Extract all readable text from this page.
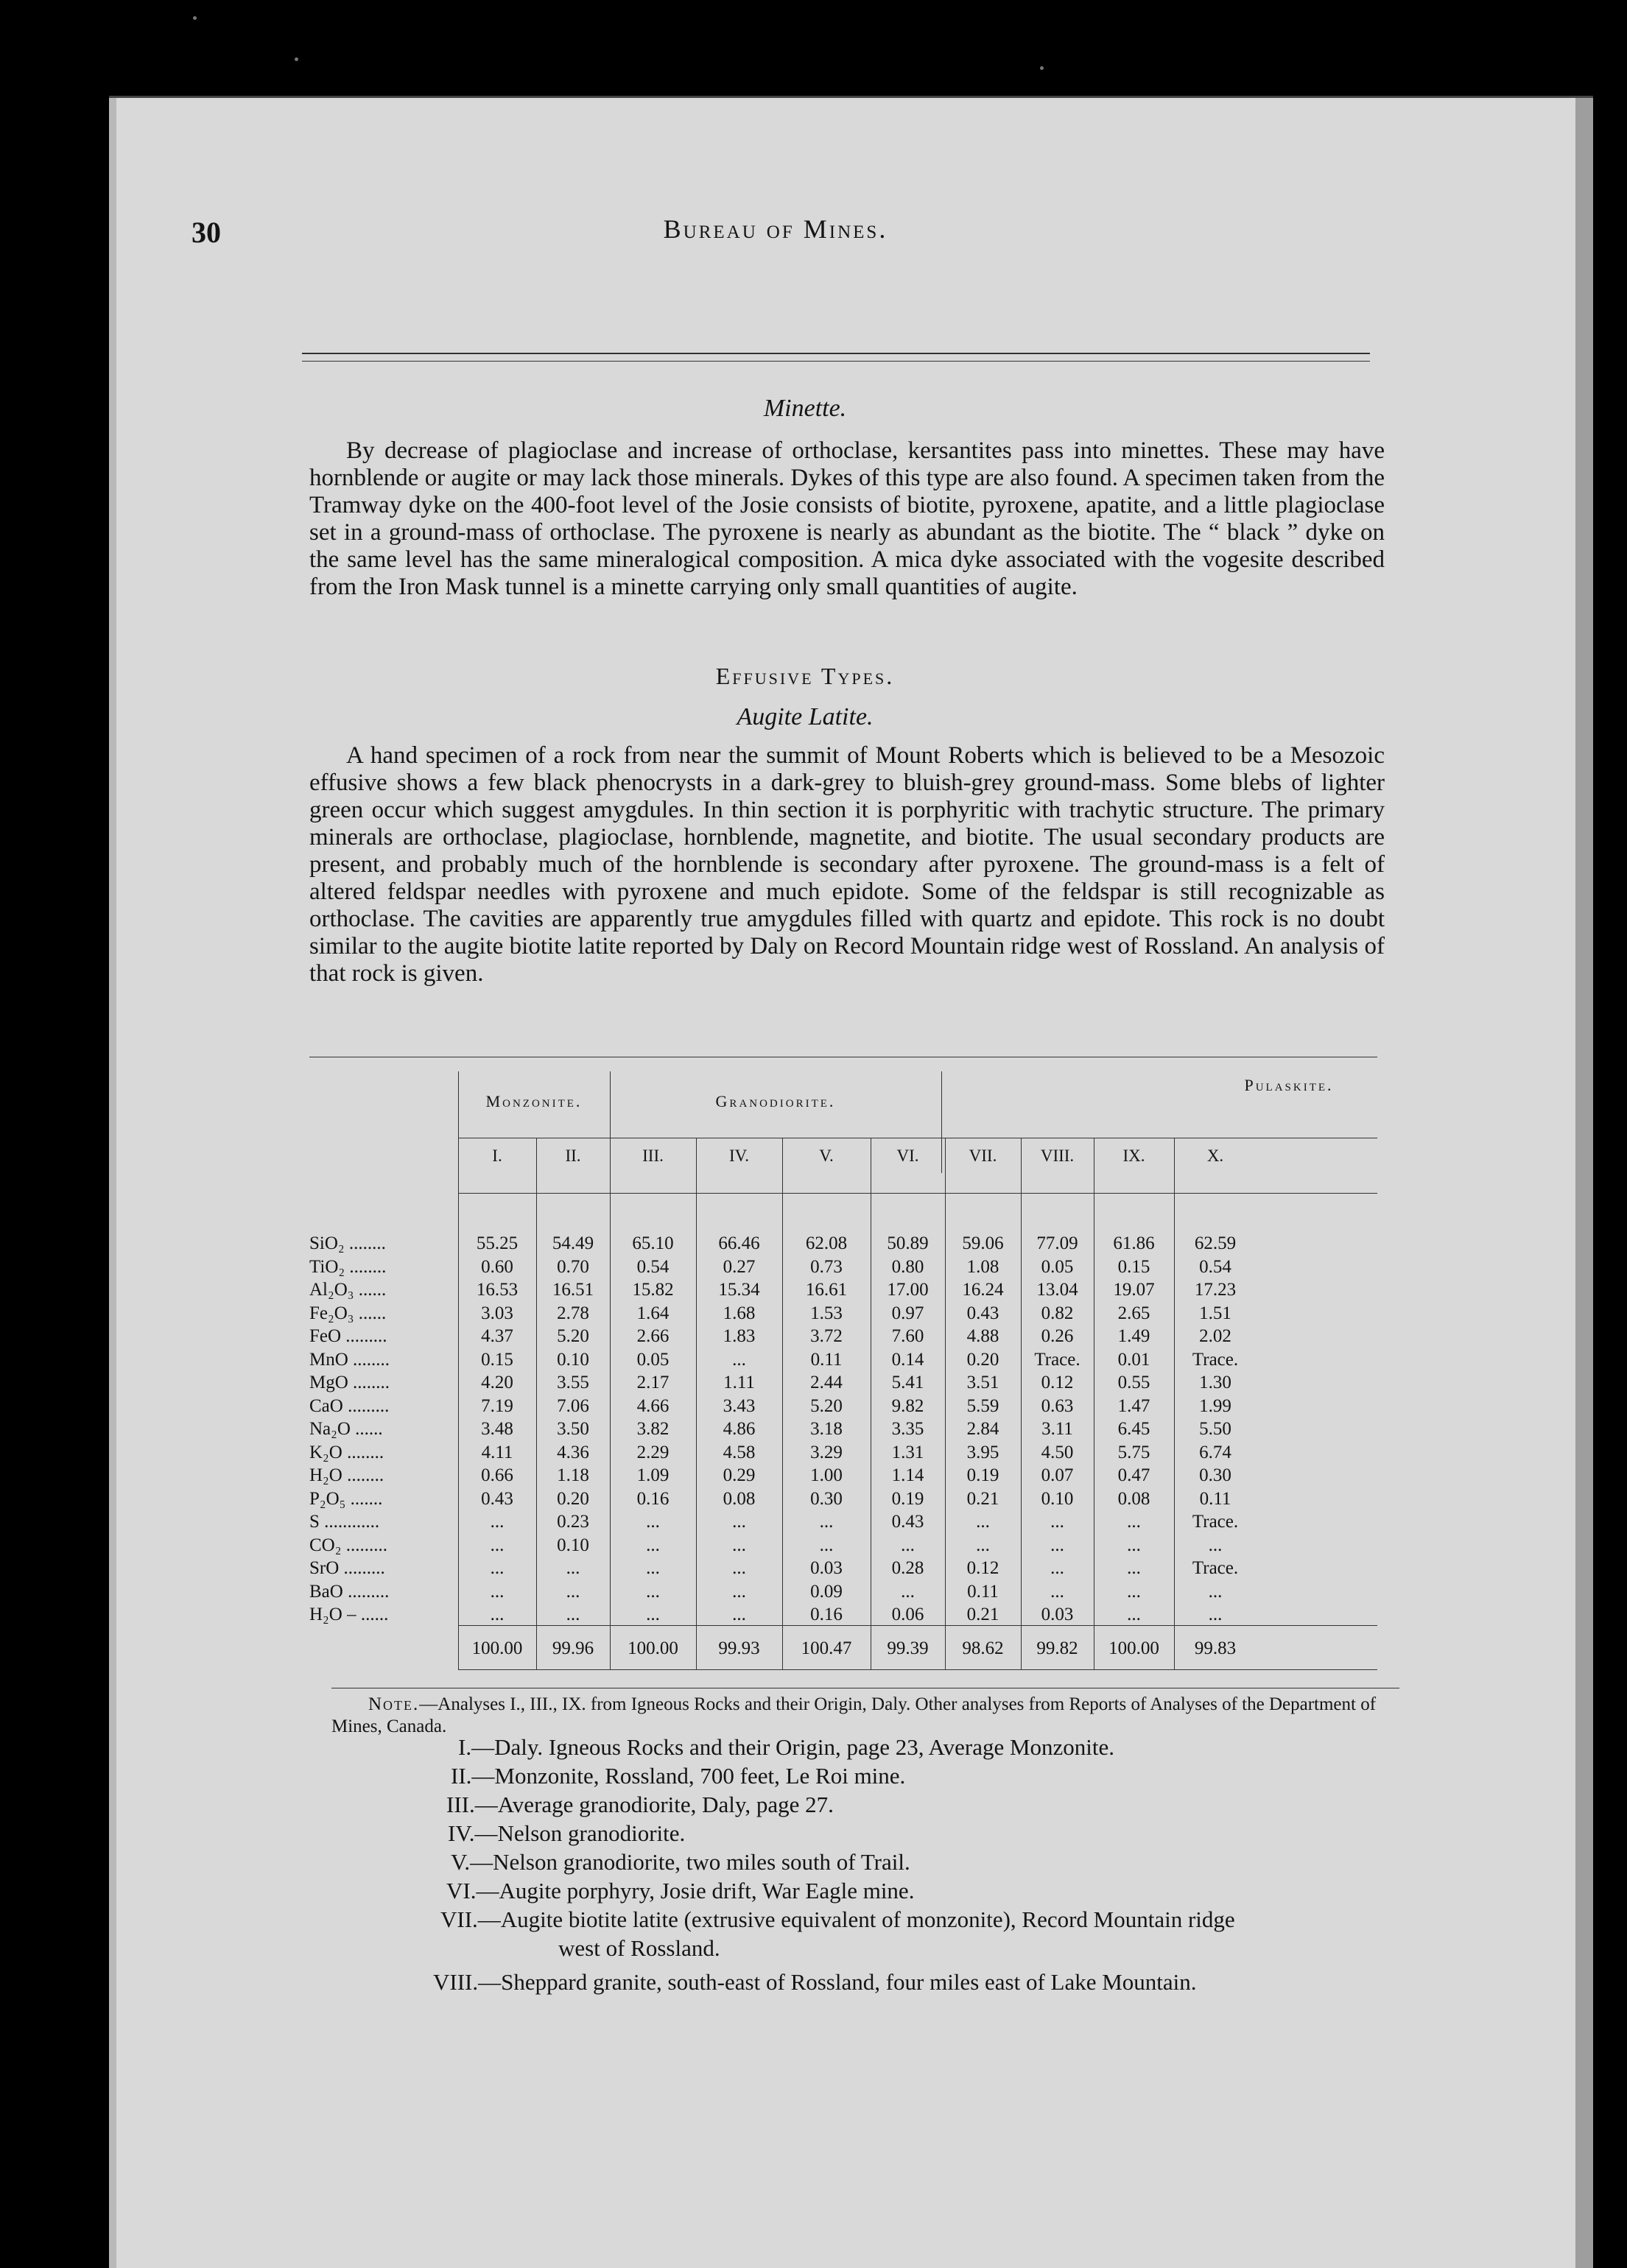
30	Bureau of Mines.
Minette.

By decrease of plagioclase and increase of orthoclase, kersantites pass into minettes. These may have hornblende or augite or may lack those minerals. Dykes of this type are also found. A specimen taken from the Tramway dyke on the 400-foot level of the Josie consists of biotite, pyroxene, apatite, and a little plagioclase set in a ground-mass of orthoclase. The pyroxene is nearly as abundant as the biotite. The “ black ” dyke on the same level has the same mineralogical composition. A mica dyke associated with the vogesite described from the Iron Mask tunnel is a minette carrying only small quantities of augite.

Effusive Types.
Augite Latite.

A hand specimen of a rock from near the summit of Mount Roberts which is believed to be a Mesozoic effusive shows a few black phenocrysts in a dark-grey to bluish-grey ground-mass. Some blebs of lighter green occur which suggest amygdules. In thin section it is porphyritic with trachytic structure. The primary minerals are orthoclase, plagioclase, hornblende, magnetite, and biotite. The usual secondary products are present, and probably much of the hornblende is secondary after pyroxene. The ground-mass is a felt of altered feldspar needles with pyroxene and much epidote. Some of the feldspar is still recognizable as orthoclase. The cavities are apparently true amygdules filled with quartz and epidote. This rock is no doubt similar to the augite biotite latite reported by Daly on Record Mountain ridge west of Rossland. An analysis of that rock is given.

Monzonite.	Granodiorite.
Pulaskite.
I.	II.	III.	IV.	V.	VI.	VII.	VIII.	IX.	X.
SiO₂ ........	55.25	54.49	65.10	66.46	62.08	50.89	59.06	77.09	61.86	62.59
TiO₂ ........	0.60	0.70	0.54	0.27	0.73	0.80	1.08	0.05	0.15	0.54
Al₂O₃ ......	16.53	16.51	15.82	15.34	16.61	17.00	16.24	13.04	19.07	17.23
Fe₂O₃ ......	3.03	2.78	1.64	1.68	1.53	0.97	0.43	0.82	2.65	1.51
FeO .........	4.37	5.20	2.66	1.83	3.72	7.60	4.88	0.26	1.49	2.02
MnO ........	0.15	0.10	0.05	...	0.11	0.14	0.20	Trace.	0.01	Trace.
MgO ........	4.20	3.55	2.17	1.11	2.44	5.41	3.51	0.12	0.55	1.30
CaO .........	7.19	7.06	4.66	3.43	5.20	9.82	5.59	0.63	1.47	1.99
Na₂O ......	3.48	3.50	3.82	4.86	3.18	3.35	2.84	3.11	6.45	5.50
K₂O ........	4.11	4.36	2.29	4.58	3.29	1.31	3.95	4.50	5.75	6.74
H₂O ........	0.66	1.18	1.09	0.29	1.00	1.14	0.19	0.07	0.47	0.30
P₂O₅ .......	0.43	0.20	0.16	0.08	0.30	0.19	0.21	0.10	0.08	0.11
S ............	...	0.23	...	...	...	0.43	...	...	...	Trace.
CO₂ .........	...	0.10	...	...	...	...	...	...	...	...
SrO .........	...	...	...	...	0.03	0.28	0.12	...	...	Trace.
BaO .........	...	...	...	...	0.09	...	0.11	...	...	...
H₂O – ......	...	...	...	...	0.16	0.06	0.21	0.03	...	...
100.00	99.96	100.00	99.93	100.47	99.39	98.62	99.82	100.00	99.83
Note.—Analyses I., III., IX. from Igneous Rocks and their Origin, Daly. Other analyses from Reports of Analyses of the Department of Mines, Canada.
I.—Daly. Igneous Rocks and their Origin, page 23, Average Monzonite.
II.—Monzonite, Rossland, 700 feet, Le Roi mine.
III.—Average granodiorite, Daly, page 27.
IV.—Nelson granodiorite.
V.—Nelson granodiorite, two miles south of Trail.
VI.—Augite porphyry, Josie drift, War Eagle mine.
VII.—Augite biotite latite (extrusive equivalent of monzonite), Record Mountain ridge
west of Rossland.
VIII.—Sheppard granite, south-east of Rossland, four miles east of Lake Mountain.
